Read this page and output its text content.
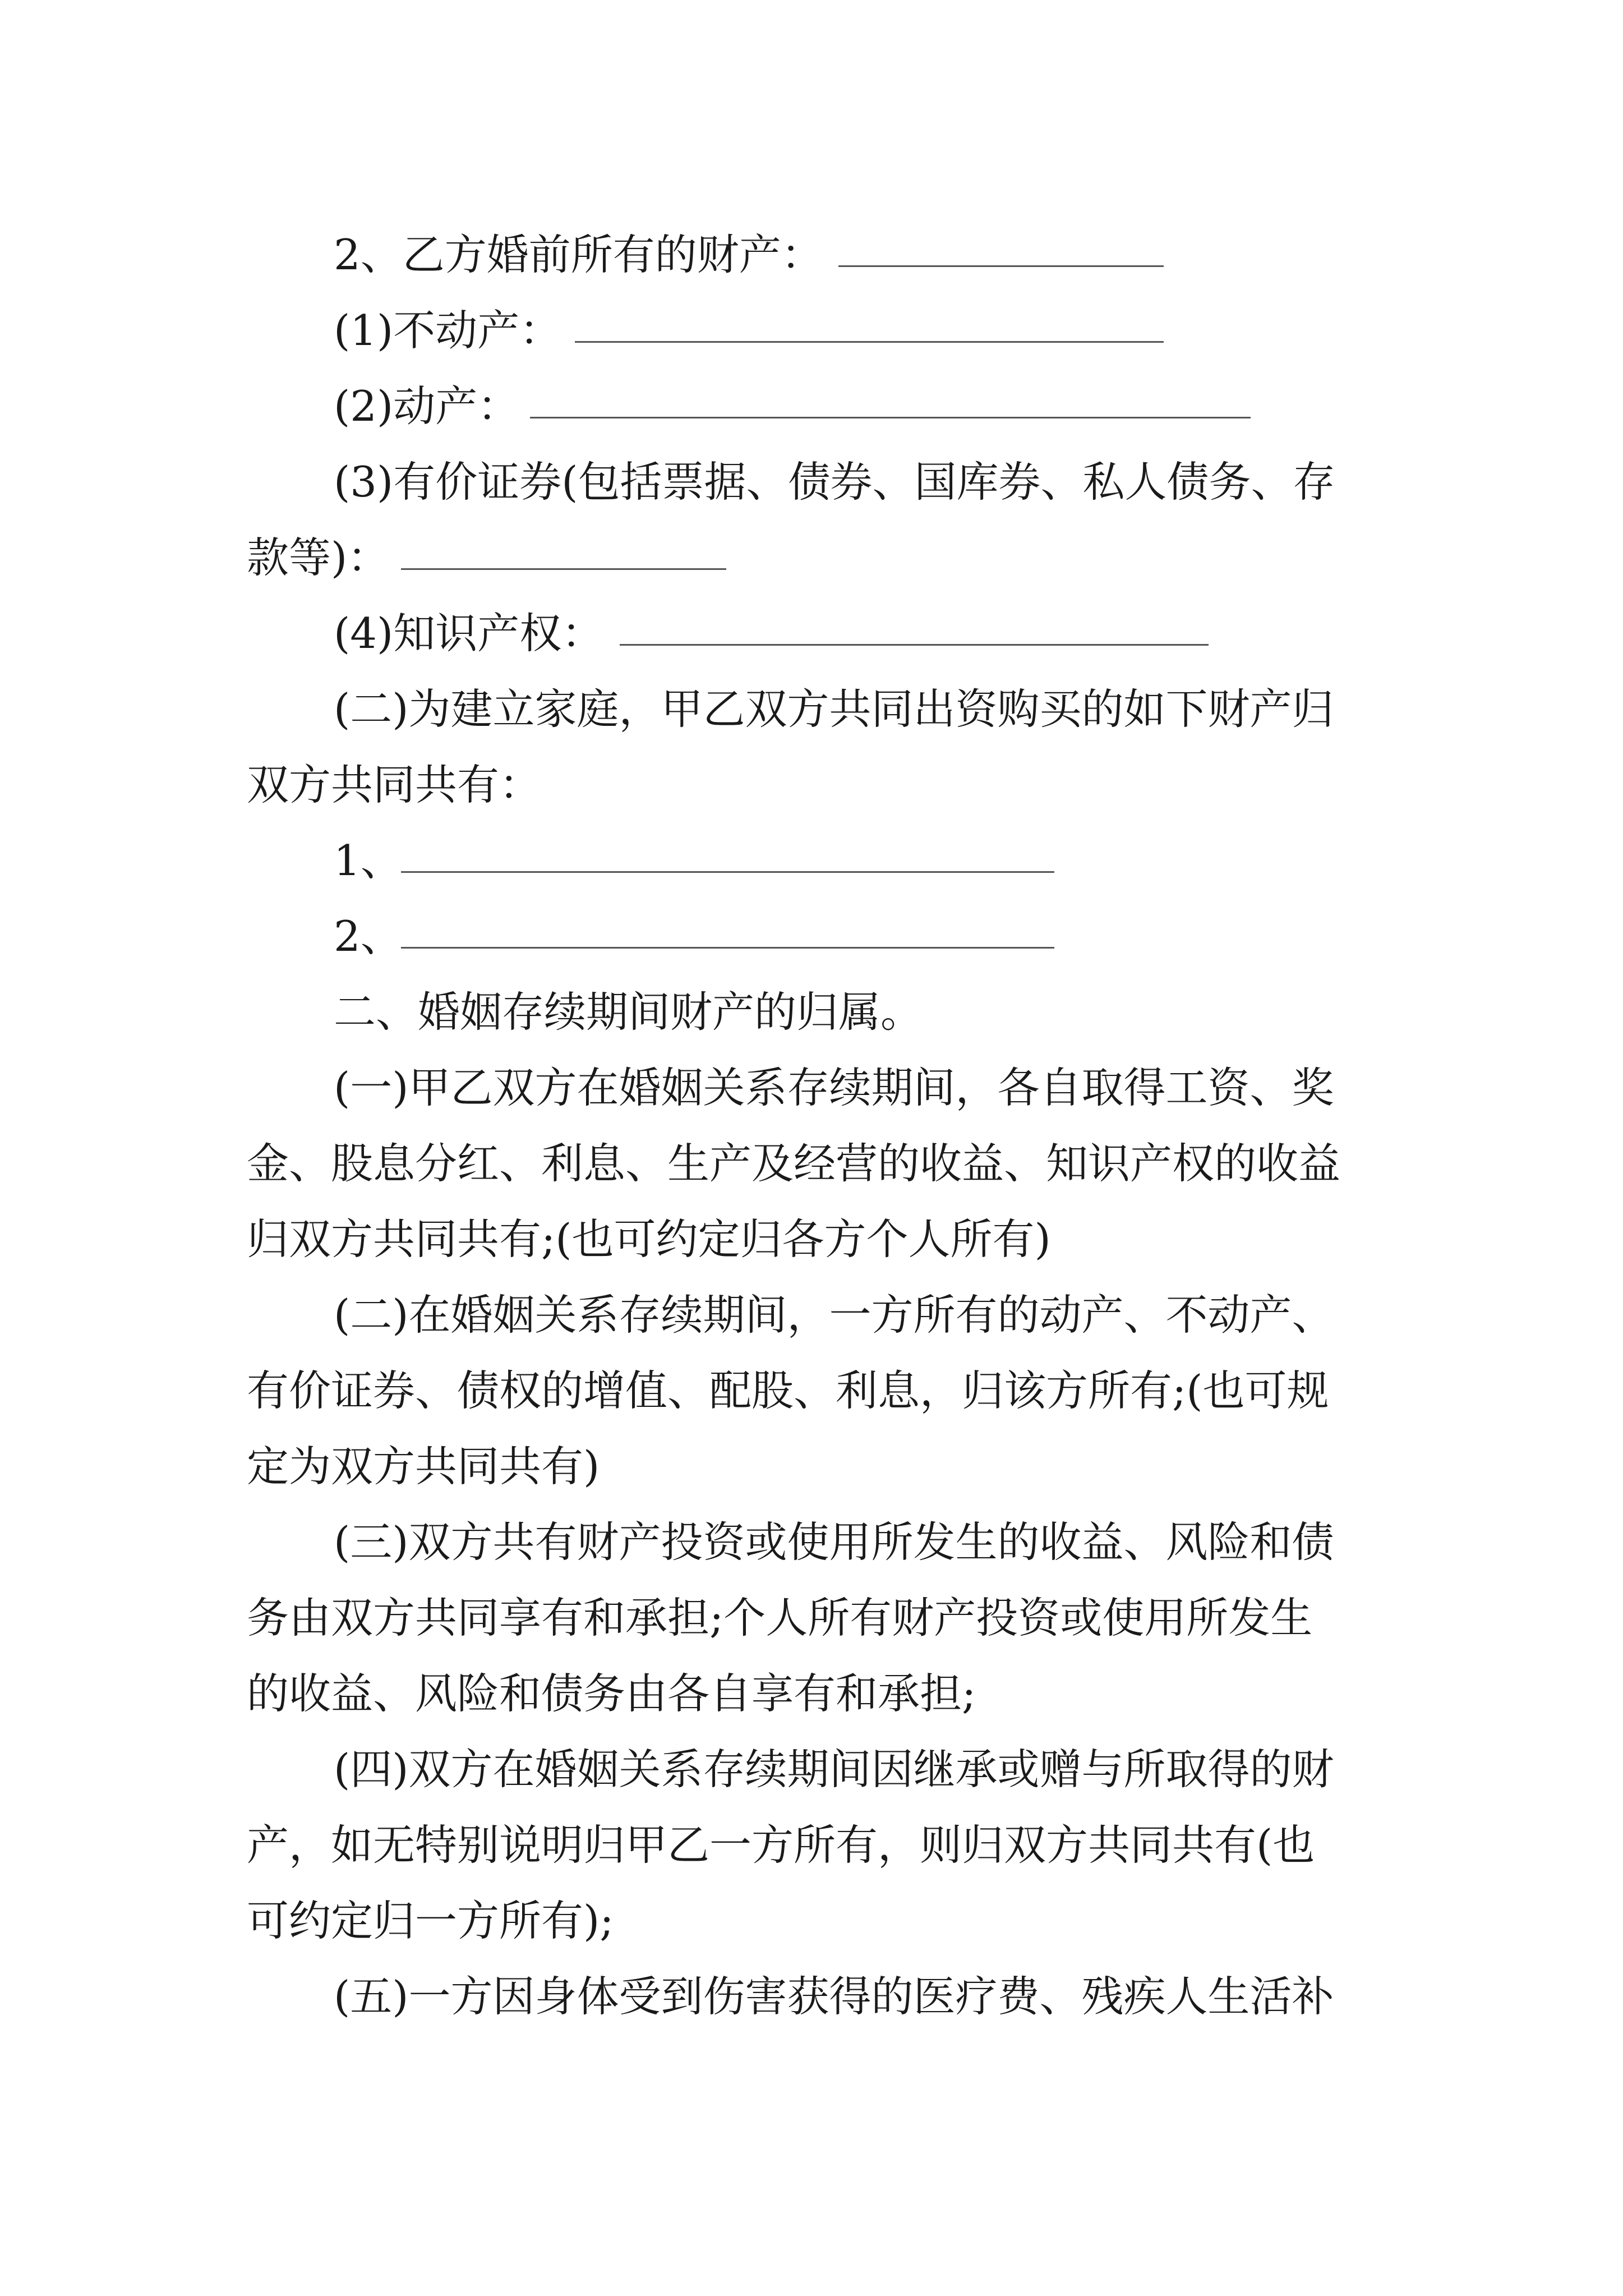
2、乙方婚前所有的财产：
(1)不动产：
(2)动产：
(3)有价证券(包括票据、债券、国库券、私人债务、存
款等)：
(4)知识产权：
(二)为建立家庭，甲乙双方共同出资购买的如下财产归
双方共同共有：
1、
2、
二、婚姻存续期间财产的归属。
(一)甲乙双方在婚姻关系存续期间，各自取得工资、奖
金、股息分红、利息、生产及经营的收益、知识产权的收益
归双方共同共有;(也可约定归各方个人所有)
(二)在婚姻关系存续期间，一方所有的动产、不动产、
有价证券、债权的增值、配股、利息，归该方所有;(也可规
定为双方共同共有)
(三)双方共有财产投资或使用所发生的收益、风险和债
务由双方共同享有和承担;个人所有财产投资或使用所发生
的收益、风险和债务由各自享有和承担;
(四)双方在婚姻关系存续期间因继承或赠与所取得的财
产，如无特别说明归甲乙一方所有，则归双方共同共有(也
可约定归一方所有);
(五)一方因身体受到伤害获得的医疗费、残疾人生活补
